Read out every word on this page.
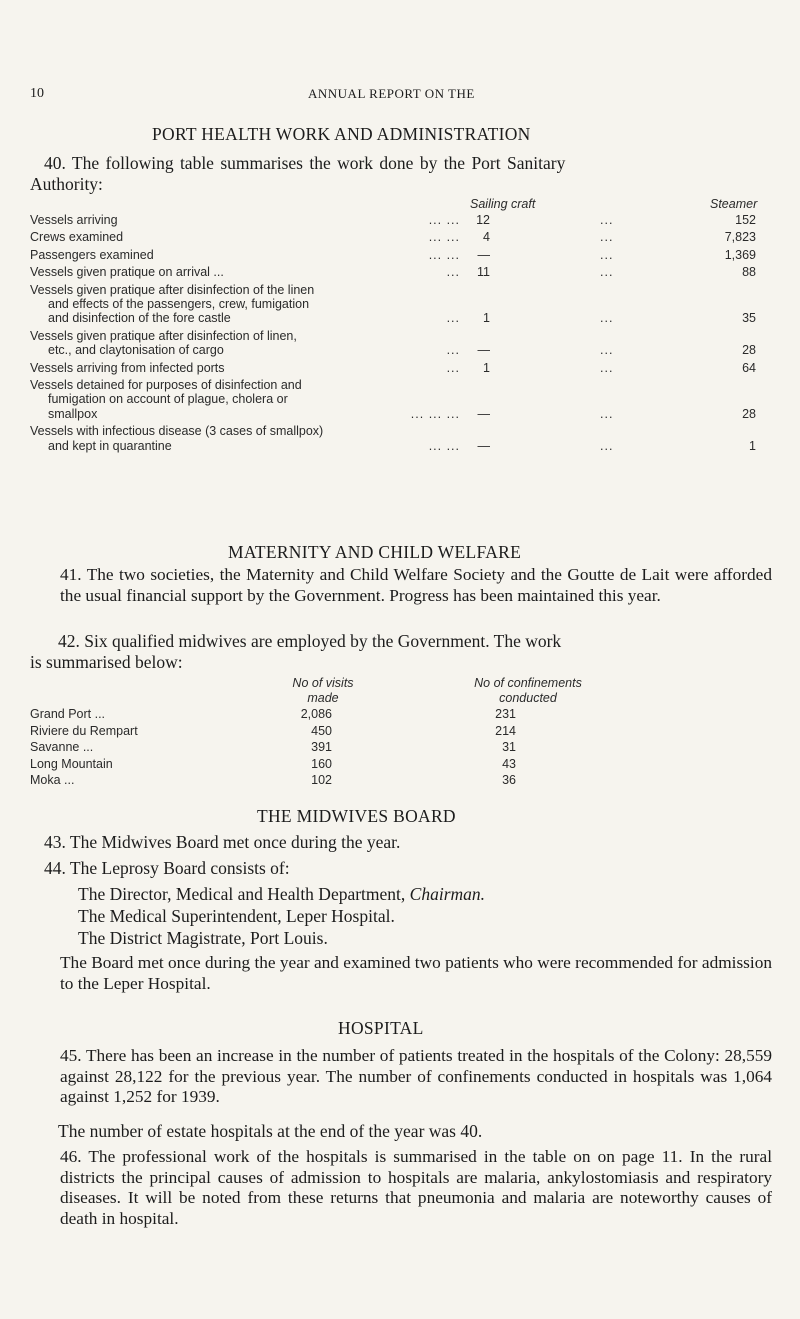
10	ANNUAL REPORT ON THE
PORT HEALTH WORK AND ADMINISTRATION
40. The following table summarises the work done by the Port Sanitary
Authority:
Sailing craft	Steamer
Vessels arriving	... ...	12	...	152
Crews examined	... ...	4	...	7,823
Passengers examined	... ...	—	...	1,369
Vessels given pratique on arrival ...	...	11	...	88
Vessels given pratique after disinfection of the linen
and effects of the passengers, crew, fumigation
and disinfection of the fore castle	...	1	...	35
Vessels given pratique after disinfection of linen,
etc., and claytonisation of cargo	...	—	...	28
Vessels arriving from infected ports	...	1	...	64
Vessels detained for purposes of disinfection and
fumigation on account of plague, cholera or
smallpox	... ... ...	—	...	28
Vessels with infectious disease (3 cases of smallpox)
and kept in quarantine	... ...	—	...	1
MATERNITY AND CHILD WELFARE
41. The two societies, the Maternity and Child Welfare Society and the Goutte de Lait were afforded the usual financial support by the Government. Progress has been maintained this year.
42. Six qualified midwives are employed by the Government. The work
is summarised below:
No of visits
made
No of confinements
conducted
Grand Port ...	2,086	231
Riviere du Rempart	450	214
Savanne ...	391	31
Long Mountain	160	43
Moka ...	102	36
THE MIDWIVES BOARD
43. The Midwives Board met once during the year.
44. The Leprosy Board consists of:
The Director, Medical and Health Department, Chairman.
The Medical Superintendent, Leper Hospital.
The District Magistrate, Port Louis.
The Board met once during the year and examined two patients who were recommended for admission to the Leper Hospital.
HOSPITAL
45. There has been an increase in the number of patients treated in the hospitals of the Colony: 28,559 against 28,122 for the previous year. The number of confinements conducted in hospitals was 1,064 against 1,252 for 1939.
The number of estate hospitals at the end of the year was 40.
46. The professional work of the hospitals is summarised in the table on on page 11. In the rural districts the principal causes of admission to hospitals are malaria, ankylostomiasis and respiratory diseases. It will be noted from these returns that pneumonia and malaria are noteworthy causes of death in hospital.
